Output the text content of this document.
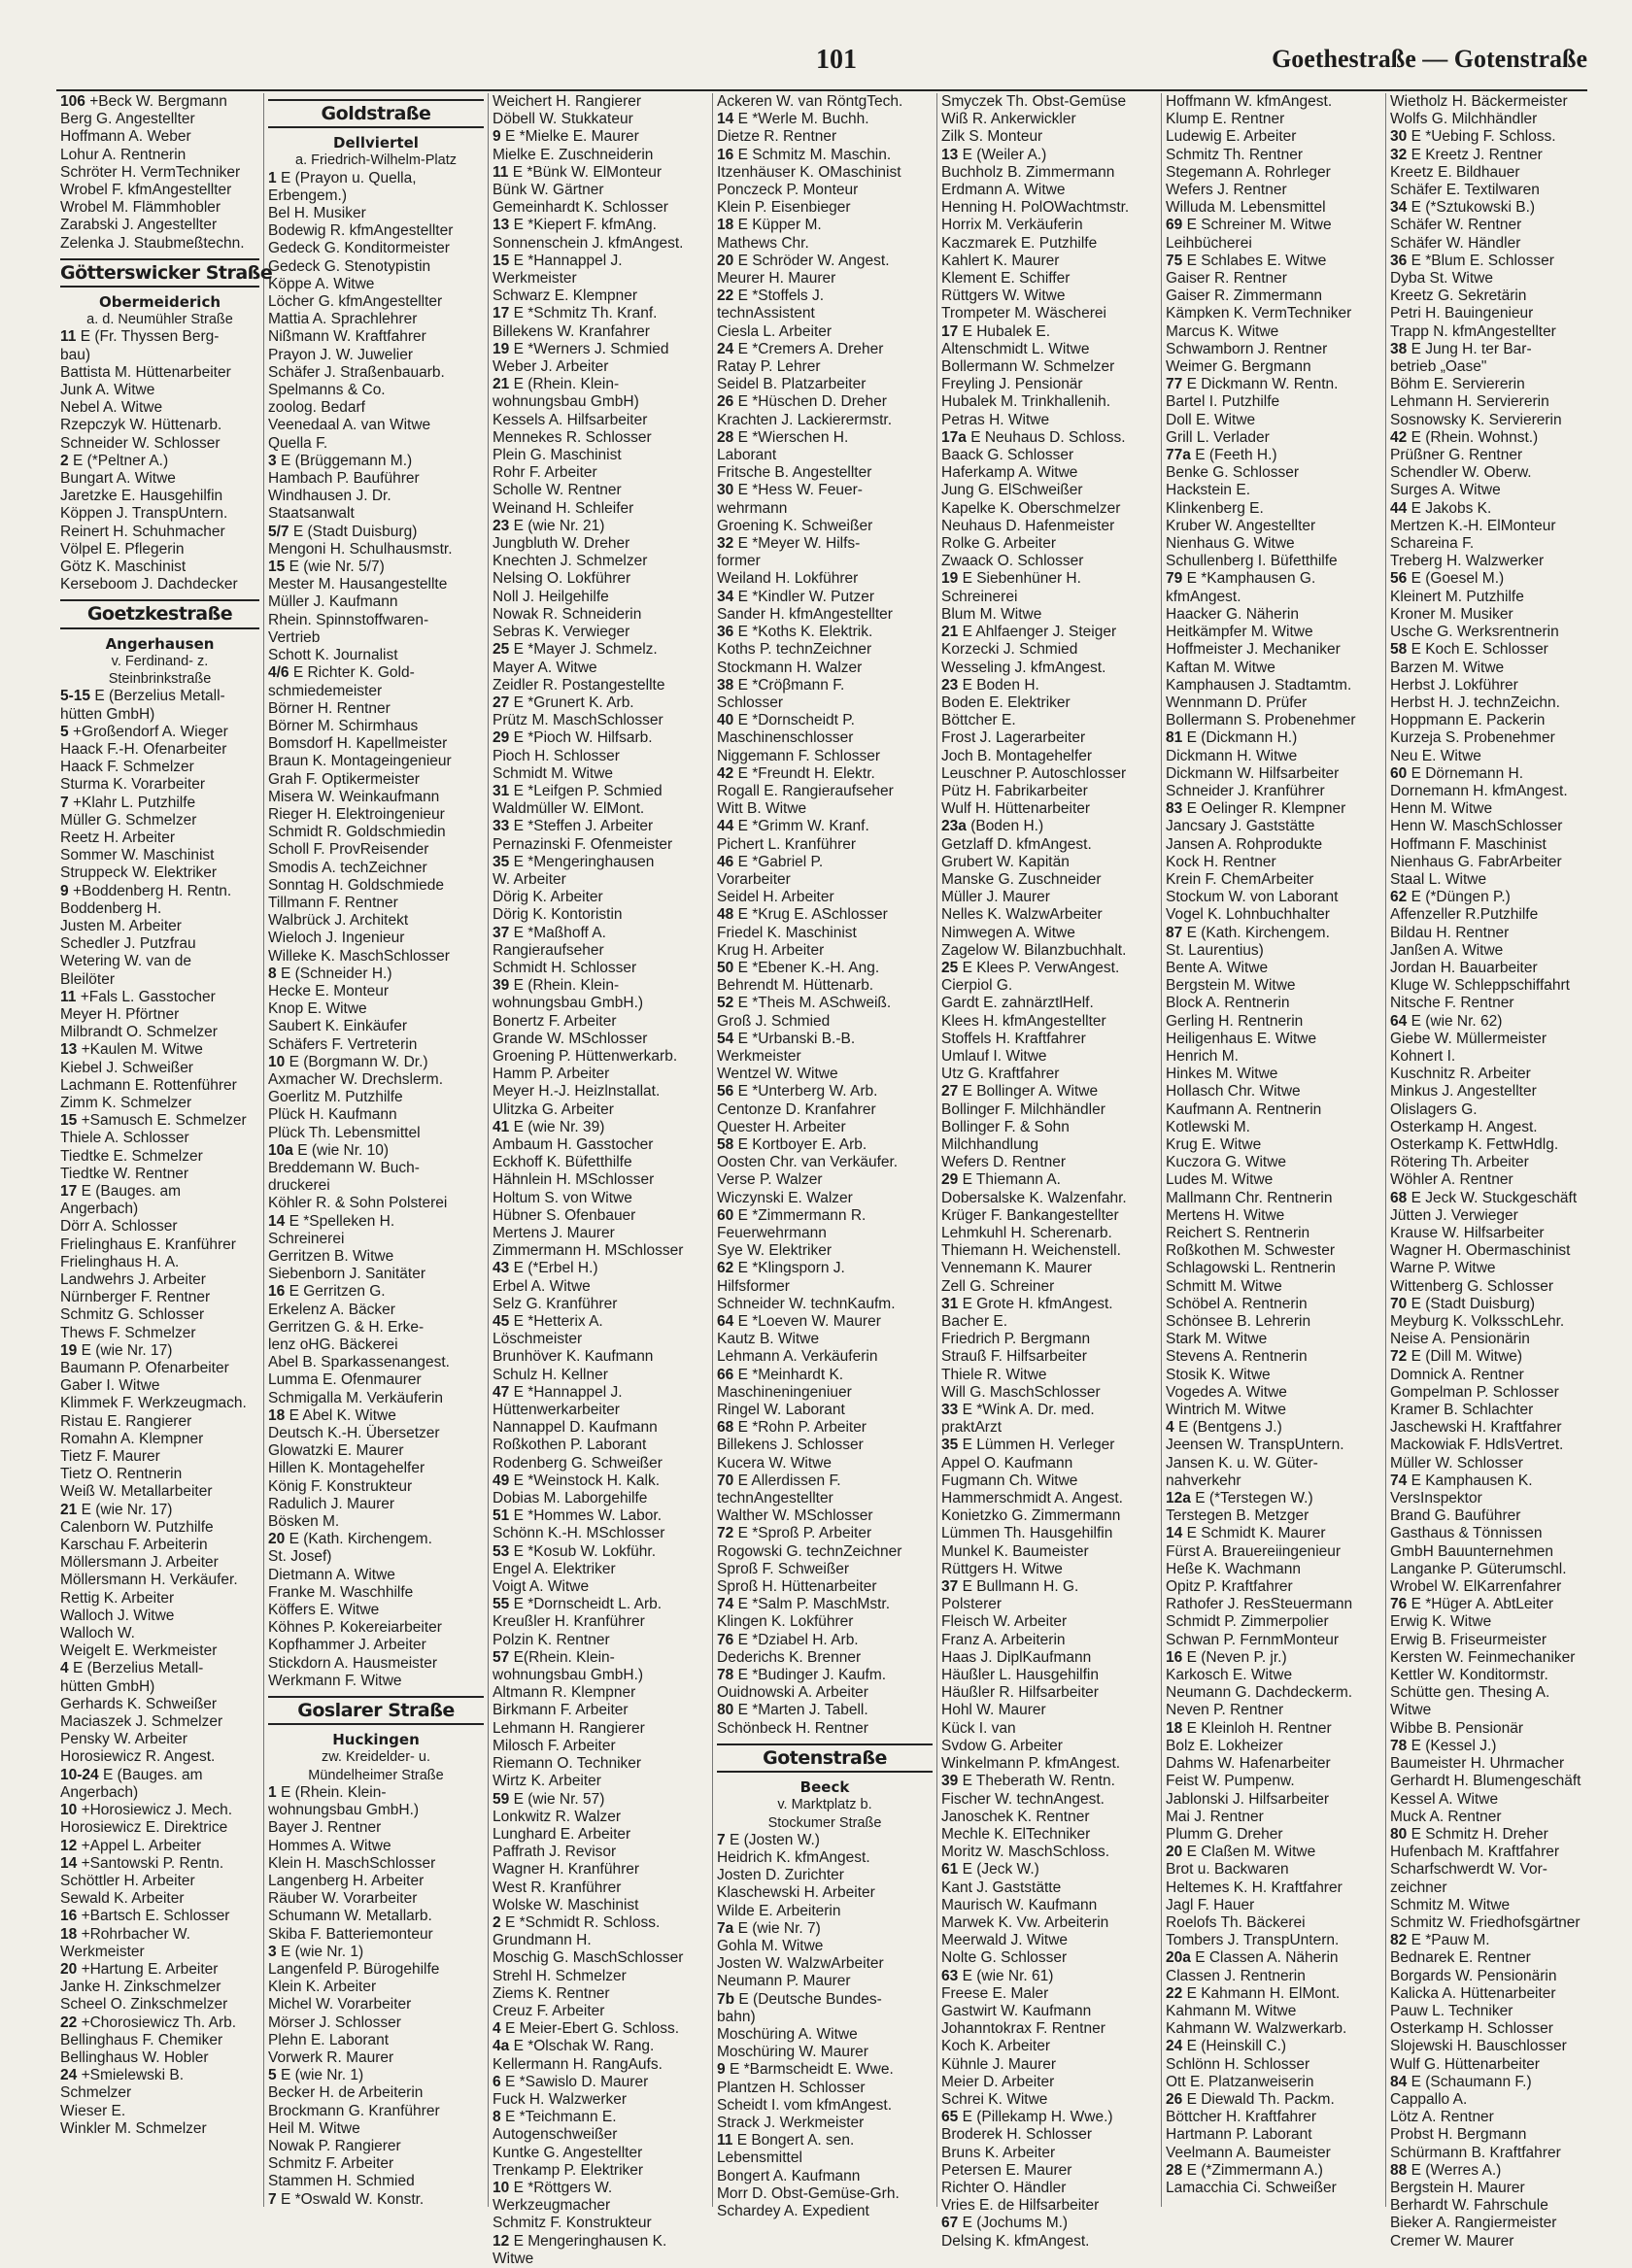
101	Goethestraße — Gotenstraße
106 +Beck W. Bergmann
Berg G. Angestellter
Hoffmann A. Weber
Lohur A. Rentnerin
Schröter H. VermTechniker
Wrobel F. kfmAngestellter
Wrobel M. Flämmhobler
Zarabski J. Angestellter
Zelenka J. Staubmeßtechn.
Götterswicker Straße
Obermeiderich
a. d. Neumühler Straße
11 E (Fr. Thyssen Berg-
bau)
Battista M. Hüttenarbeiter
Junk A. Witwe
Nebel A. Witwe
Rzepczyk W. Hüttenarb.
Schneider W. Schlosser
2 E (*Peltner A.)
Bungart A. Witwe
Jaretzke E. Hausgehilfin
Köppen J. TranspUntern.
Reinert H. Schuhmacher
Völpel E. Pflegerin
Götz K. Maschinist
Kerseboom J. Dachdecker
Goetzkestraße
Angerhausen
v. Ferdinand- z.
Steinbrinkstraße
5-15 E (Berzelius Metall-
hütten GmbH)
5 +Großendorf A. Wieger
Haack F.-H. Ofenarbeiter
Haack F. Schmelzer
Sturma K. Vorarbeiter
7 +Klahr L. Putzhilfe
Müller G. Schmelzer
Reetz H. Arbeiter
Sommer W. Maschinist
Struppeck W. Elektriker
9 +Boddenberg H. Rentn.
Boddenberg H.
Justen M. Arbeiter
Schedler J. Putzfrau
Wetering W. van de
Bleilöter
11 +Fals L. Gasstocher
Meyer H. Pförtner
Milbrandt O. Schmelzer
13 +Kaulen M. Witwe
Kiebel J. Schweißer
Lachmann E. Rottenführer
Zimm K. Schmelzer
15 +Samusch E. Schmelzer
Thiele A. Schlosser
Tiedtke E. Schmelzer
Tiedtke W. Rentner
17 E (Bauges. am
Angerbach)
Dörr A. Schlosser
Frielinghaus E. Kranführer
Frielinghaus H. A.
Landwehrs J. Arbeiter
Nürnberger F. Rentner
Schmitz G. Schlosser
Thews F. Schmelzer
19 E (wie Nr. 17)
Baumann P. Ofenarbeiter
Gaber I. Witwe
Klimmek F. Werkzeugmach.
Ristau E. Rangierer
Romahn A. Klempner
Tietz F. Maurer
Tietz O. Rentnerin
Weiß W. Metallarbeiter
21 E (wie Nr. 17)
Calenborn W. Putzhilfe
Karschau F. Arbeiterin
Möllersmann J. Arbeiter
Möllersmann H. Verkäufer.
Rettig K. Arbeiter
Walloch J. Witwe
Walloch W.
Weigelt E. Werkmeister
4 E (Berzelius Metall-
hütten GmbH)
Gerhards K. Schweißer
Maciaszek J. Schmelzer
Pensky W. Arbeiter
Horosiewicz R. Angest.
10-24 E (Bauges. am
Angerbach)
10 +Horosiewicz J. Mech.
Horosiewicz E. Direktrice
12 +Appel L. Arbeiter
14 +Santowski P. Rentn.
Schöttler H. Arbeiter
Sewald K. Arbeiter
16 +Bartsch E. Schlosser
18 +Rohrbacher W.
Werkmeister
20 +Hartung E. Arbeiter
Janke H. Zinkschmelzer
Scheel O. Zinkschmelzer
22 +Chorosiewicz Th. Arb.
Bellinghaus F. Chemiker
Bellinghaus W. Hobler
24 +Smielewski B.
Schmelzer
Wieser E.
Winkler M. Schmelzer
Goldstraße
Dellviertel
a. Friedrich-Wilhelm-Platz
1 E (Prayon u. Quella,
Erbengem.)
Bel H. Musiker
Bodewig R. kfmAngestellter
Gedeck G. Konditormeister
Gedeck G. Stenotypistin
Köppe A. Witwe
Löcher G. kfmAngestellter
Mattia A. Sprachlehrer
Nißmann W. Kraftfahrer
Prayon J. W. Juwelier
Schäfer J. Straßenbauarb.
Spelmanns & Co.
zoolog. Bedarf
Veenedaal A. van Witwe
Quella F.
3 E (Brüggemann M.)
Hambach P. Bauführer
Windhausen J. Dr.
Staatsanwalt
5/7 E (Stadt Duisburg)
Mengoni H. Schulhausmstr.
15 E (wie Nr. 5/7)
Mester M. Hausangestellte
Müller J. Kaufmann
Rhein. Spinnstoffwaren-
Vertrieb
Schott K. Journalist
4/6 E Richter K. Gold-
schmiedemeister
Börner H. Rentner
Börner M. Schirmhaus
Bomsdorf H. Kapellmeister
Braun K. Montageingenieur
Grah F. Optikermeister
Misera W. Weinkaufmann
Rieger H. Elektroingenieur
Schmidt R. Goldschmiedin
Scholl F. ProvReisender
Smodis A. techZeichner
Sonntag H. Goldschmiede
Tillmann F. Rentner
Walbrück J. Architekt
Wieloch J. Ingenieur
Willeke K. MaschSchlosser
8 E (Schneider H.)
Hecke E. Monteur
Knop E. Witwe
Saubert K. Einkäufer
Schäfers F. Vertreterin
10 E (Borgmann W. Dr.)
Axmacher W. Drechslerm.
Goerlitz M. Putzhilfe
Plück H. Kaufmann
Plück Th. Lebensmittel
10a E (wie Nr. 10)
Breddemann W. Buch-
druckerei
Köhler R. & Sohn Polsterei
14 E *Spelleken H.
Schreinerei
Gerritzen B. Witwe
Siebenborn J. Sanitäter
16 E Gerritzen G.
Erkelenz A. Bäcker
Gerritzen G. & H. Erke-
lenz oHG. Bäckerei
Abel B. Sparkassenangest.
Lumma E. Ofenmaurer
Schmigalla M. Verkäuferin
18 E Abel K. Witwe
Deutsch K.-H. Übersetzer
Glowatzki E. Maurer
Hillen K. Montagehelfer
König F. Konstrukteur
Radulich J. Maurer
Bösken M.
20 E (Kath. Kirchengem.
St. Josef)
Dietmann A. Witwe
Franke M. Waschhilfe
Köffers E. Witwe
Köhnes P. Kokereiarbeiter
Kopfhammer J. Arbeiter
Stickdorn A. Hausmeister
Werkmann F. Witwe
Goslarer Straße
Huckingen
zw. Kreidelder- u.
Mündelheimer Straße
1 E (Rhein. Klein-
wohnungsbau GmbH.)
Bayer J. Rentner
Hommes A. Witwe
Klein H. MaschSchlosser
Langenberg H. Arbeiter
Räuber W. Vorarbeiter
Schumann W. Metallarb.
Skiba F. Batteriemonteur
3 E (wie Nr. 1)
Langenfeld P. Bürogehilfe
Klein K. Arbeiter
Michel W. Vorarbeiter
Mörser J. Schlosser
Plehn E. Laborant
Vorwerk R. Maurer
5 E (wie Nr. 1)
Becker H. de Arbeiterin
Brockmann G. Kranführer
Heil M. Witwe
Nowak P. Rangierer
Schmitz F. Arbeiter
Stammen H. Schmied
7 E *Oswald W. Konstr.
Weichert H. Rangierer
Döbell W. Stukkateur
9 E *Mielke E. Maurer
Mielke E. Zuschneiderin
11 E *Bünk W. ElMonteur
Bünk W. Gärtner
Gemeinhardt K. Schlosser
13 E *Kiepert F. kfmAng.
Sonnenschein J. kfmAngest.
15 E *Hannappel J.
Werkmeister
Schwarz E. Klempner
17 E *Schmitz Th. Kranf.
Billekens W. Kranfahrer
19 E *Werners J. Schmied
Weber J. Arbeiter
21 E (Rhein. Klein-
wohnungsbau GmbH)
Kessels A. Hilfsarbeiter
Mennekes R. Schlosser
Plein G. Maschinist
Rohr F. Arbeiter
Scholle W. Rentner
Weinand H. Schleifer
23 E (wie Nr. 21)
Jungbluth W. Dreher
Knechten J. Schmelzer
Nelsing O. Lokführer
Noll J. Heilgehilfe
Nowak R. Schneiderin
Sebras K. Verwieger
25 E *Mayer J. Schmelz.
Mayer A. Witwe
Zeidler R. Postangestellte
27 E *Grunert K. Arb.
Prütz M. MaschSchlosser
29 E *Pioch W. Hilfsarb.
Pioch H. Schlosser
Schmidt M. Witwe
31 E *Leifgen P. Schmied
Waldmüller W. ElMont.
33 E *Steffen J. Arbeiter
Pernazinski F. Ofenmeister
35 E *Mengeringhausen
W. Arbeiter
Dörig K. Arbeiter
Dörig K. Kontoristin
37 E *Maßhoff A.
Rangieraufseher
Schmidt H. Schlosser
39 E (Rhein. Klein-
wohnungsbau GmbH.)
Bonertz F. Arbeiter
Grande W. MSchlosser
Groening P. Hüttenwerkarb.
Hamm P. Arbeiter
Meyer H.-J. Heizlnstallat.
Ulitzka G. Arbeiter
41 E (wie Nr. 39)
Ambaum H. Gasstocher
Eckhoff K. Büfetthilfe
Hähnlein H. MSchlosser
Holtum S. von Witwe
Hübner S. Ofenbauer
Mertens J. Maurer
Zimmermann H. MSchlosser
43 E (*Erbel H.)
Erbel A. Witwe
Selz G. Kranführer
45 E *Hetterix A.
Löschmeister
Brunhöver K. Kaufmann
Schulz H. Kellner
47 E *Hannappel J.
Hüttenwerkarbeiter
Nannappel D. Kaufmann
Roßkothen P. Laborant
Rodenberg G. Schweißer
49 E *Weinstock H. Kalk.
Dobias M. Laborgehilfe
51 E *Hommes W. Labor.
Schönn K.-H. MSchlosser
53 E *Kosub W. Lokführ.
Engel A. Elektriker
Voigt A. Witwe
55 E *Dornscheidt L. Arb.
Kreußler H. Kranführer
Polzin K. Rentner
57 E(Rhein. Klein-
wohnungsbau GmbH.)
Altmann R. Klempner
Birkmann F. Arbeiter
Lehmann H. Rangierer
Milosch F. Arbeiter
Riemann O. Techniker
Wirtz K. Arbeiter
59 E (wie Nr. 57)
Lonkwitz R. Walzer
Lunghard E. Arbeiter
Paffrath J. Revisor
Wagner H. Kranführer
West R. Kranführer
Wolske W. Maschinist
2 E *Schmidt R. Schloss.
Grundmann H.
Moschig G. MaschSchlosser
Strehl H. Schmelzer
Ziems K. Rentner
Creuz F. Arbeiter
4 E Meier-Ebert G. Schloss.
4a E *Olschak W. Rang.
Kellermann H. RangAufs.
6 E *Sawislo D. Maurer
Fuck H. Walzwerker
8 E *Teichmann E.
Autogenschweißer
Kuntke G. Angestellter
Trenkamp P. Elektriker
10 E *Röttgers W.
Werkzeugmacher
Schmitz F. Konstrukteur
12 E Mengeringhausen K.
Witwe
Ackeren W. van RöntgTech.
14 E *Werle M. Buchh.
Dietze R. Rentner
16 E Schmitz M. Maschin.
Itzenhäuser K. OMaschinist
Ponczeck P. Monteur
Klein P. Eisenbieger
18 E Küpper M.
Mathews Chr.
20 E Schröder W. Angest.
Meurer H. Maurer
22 E *Stoffels J.
technAssistent
Ciesla L. Arbeiter
24 E *Cremers A. Dreher
Ratay P. Lehrer
Seidel B. Platzarbeiter
26 E *Hüschen D. Dreher
Krachten J. Lackierermstr.
28 E *Wierschen H.
Laborant
Fritsche B. Angestellter
30 E *Hess W. Feuer-
wehrmann
Groening K. Schweißer
32 E *Meyer W. Hilfs-
former
Weiland H. Lokführer
34 E *Kindler W. Putzer
Sander H. kfmAngestellter
36 E *Koths K. Elektrik.
Koths P. technZeichner
Stockmann H. Walzer
38 E *Cröβmann F.
Schlosser
40 E *Dornscheidt P.
Maschinenschlosser
Niggemann F. Schlosser
42 E *Freundt H. Elektr.
Rogall E. Rangieraufseher
Witt B. Witwe
44 E *Grimm W. Kranf.
Pichert L. Kranführer
46 E *Gabriel P.
Vorarbeiter
Seidel H. Arbeiter
48 E *Krug E. ASchlosser
Friedel K. Maschinist
Krug H. Arbeiter
50 E *Ebener K.-H. Ang.
Behrendt M. Hüttenarb.
52 E *Theis M. ASchweiß.
Groß J. Schmied
54 E *Urbanski B.-B.
Werkmeister
Wentzel W. Witwe
56 E *Unterberg W. Arb.
Centonze D. Kranfahrer
Quester H. Arbeiter
58 E Kortboyer E. Arb.
Oosten Chr. van Verkäufer.
Verse P. Walzer
Wiczynski E. Walzer
60 E *Zimmermann R.
Feuerwehrmann
Sye W. Elektriker
62 E *Klingsporn J.
Hilfsformer
Schneider W. technKaufm.
64 E *Loeven W. Maurer
Kautz B. Witwe
Lehmann A. Verkäuferin
66 E *Meinhardt K.
Maschineningeniuer
Ringel W. Laborant
68 E *Rohn P. Arbeiter
Billekens J. Schlosser
Kucera W. Witwe
70 E Allerdissen F.
technAngestellter
Walther W. MSchlosser
72 E *Sproß P. Arbeiter
Rogowski G. technZeichner
Sproß F. Schweißer
Sproß H. Hüttenarbeiter
74 E *Salm P. MaschMstr.
Klingen K. Lokführer
76 E *Dziabel H. Arb.
Dederichs K. Brenner
78 E *Budinger J. Kaufm.
Ouidnowski A. Arbeiter
80 E *Marten J. Tabell.
Schönbeck H. Rentner
Gotenstraße
Beeck
v. Marktplatz b.
Stockumer Straße
7 E (Josten W.)
Heidrich K. kfmAngest.
Josten D. Zurichter
Klaschewski H. Arbeiter
Wilde E. Arbeiterin
7a E (wie Nr. 7)
Gohla M. Witwe
Josten W. WalzwArbeiter
Neumann P. Maurer
7b E (Deutsche Bundes-
bahn)
Moschüring A. Witwe
Moschüring W. Maurer
9 E *Barmscheidt E. Wwe.
Plantzen H. Schlosser
Scheidt I. vom kfmAngest.
Strack J. Werkmeister
11 E Bongert A. sen.
Lebensmittel
Bongert A. Kaufmann
Morr D. Obst-Gemüse-Grh.
Schardey A. Expedient
Smyczek Th. Obst-Gemüse
Wiß R. Ankerwickler
Zilk S. Monteur
13 E (Weiler A.)
Buchholz B. Zimmermann
Erdmann A. Witwe
Henning H. PolOWachtmstr.
Horrix M. Verkäuferin
Kaczmarek E. Putzhilfe
Kahlert K. Maurer
Klement E. Schiffer
Rüttgers W. Witwe
Trompeter M. Wäscherei
17 E Hubalek E.
Altenschmidt L. Witwe
Bollermann W. Schmelzer
Freyling J. Pensionär
Hubalek M. Trinkhallenih.
Petras H. Witwe
17a E Neuhaus D. Schloss.
Baack G. Schlosser
Haferkamp A. Witwe
Jung G. ElSchweißer
Kapelke K. Oberschmelzer
Neuhaus D. Hafenmeister
Rolke G. Arbeiter
Zwaack O. Schlosser
19 E Siebenhüner H.
Schreinerei
Blum M. Witwe
21 E Ahlfaenger J. Steiger
Korzecki J. Schmied
Wesseling J. kfmAngest.
23 E Boden H.
Boden E. Elektriker
Böttcher E.
Frost J. Lagerarbeiter
Joch B. Montagehelfer
Leuschner P. Autoschlosser
Pütz H. Fabrikarbeiter
Wulf H. Hüttenarbeiter
23a (Boden H.)
Getzlaff D. kfmAngest.
Grubert W. Kapitän
Manske G. Zuschneider
Müller J. Maurer
Nelles K. WalzwArbeiter
Nimwegen A. Witwe
Zagelow W. Bilanzbuchhalt.
25 E Klees P. VerwAngest.
Cierpiol G.
Gardt E. zahnärztlHelf.
Klees H. kfmAngestellter
Stoffels H. Kraftfahrer
Umlauf I. Witwe
Utz G. Kraftfahrer
27 E Bollinger A. Witwe
Bollinger F. Milchhändler
Bollinger F. & Sohn
Milchhandlung
Wefers D. Rentner
29 E Thiemann A.
Dobersalske K. Walzenfahr.
Krüger F. Bankangestellter
Lehmkuhl H. Scherenarb.
Thiemann H. Weichenstell.
Vennemann K. Maurer
Zell G. Schreiner
31 E Grote H. kfmAngest.
Bacher E.
Friedrich P. Bergmann
Strauß F. Hilfsarbeiter
Thiele R. Witwe
Will G. MaschSchlosser
33 E *Wink A. Dr. med.
praktArzt
35 E Lümmen H. Verleger
Appel O. Kaufmann
Fugmann Ch. Witwe
Hammerschmidt A. Angest.
Konietzko G. Zimmermann
Lümmen Th. Hausgehilfin
Munkel K. Baumeister
Rüttgers H. Witwe
37 E Bullmann H. G.
Polsterer
Fleisch W. Arbeiter
Franz A. Arbeiterin
Haas J. DiplKaufmann
Häußler L. Hausgehilfin
Häußler R. Hilfsarbeiter
Hohl W. Maurer
Kück I. van
Svdow G. Arbeiter
Winkelmann P. kfmAngest.
39 E Theberath W. Rentn.
Fischer W. technAngest.
Janoschek K. Rentner
Mechle K. ElTechniker
Moritz W. MaschSchloss.
61 E (Jeck W.)
Kant J. Gaststätte
Maurisch W. Kaufmann
Marwek K. Vw. Arbeiterin
Meerwald J. Witwe
Nolte G. Schlosser
63 E (wie Nr. 61)
Freese E. Maler
Gastwirt W. Kaufmann
Johanntokrax F. Rentner
Koch K. Arbeiter
Kühnle J. Maurer
Meier D. Arbeiter
Schrei K. Witwe
65 E (Pillekamp H. Wwe.)
Broderek H. Schlosser
Bruns K. Arbeiter
Petersen E. Maurer
Richter O. Händler
Vries E. de Hilfsarbeiter
67 E (Jochums M.)
Delsing K. kfmAngest.
Hoffmann W. kfmAngest.
Klump E. Rentner
Ludewig E. Arbeiter
Schmitz Th. Rentner
Stegemann A. Rohrleger
Wefers J. Rentner
Willuda M. Lebensmittel
69 E Schreiner M. Witwe
Leihbücherei
75 E Schlabes E. Witwe
Gaiser R. Rentner
Gaiser R. Zimmermann
Kämpken K. VermTechniker
Marcus K. Witwe
Schwamborn J. Rentner
Weimer G. Bergmann
77 E Dickmann W. Rentn.
Bartel I. Putzhilfe
Doll E. Witwe
Grill L. Verlader
77a E (Feeth H.)
Benke G. Schlosser
Hackstein E.
Klinkenberg E.
Kruber W. Angestellter
Nienhaus G. Witwe
Schullenberg I. Büfetthilfe
79 E *Kamphausen G.
kfmAngest.
Haacker G. Näherin
Heitkämpfer M. Witwe
Hoffmeister J. Mechaniker
Kaftan M. Witwe
Kamphausen J. Stadtamtm.
Wennmann D. Prüfer
Bollermann S. Probenehmer
81 E (Dickmann H.)
Dickmann H. Witwe
Dickmann W. Hilfsarbeiter
Schneider J. Kranführer
83 E Oelinger R. Klempner
Jancsary J. Gaststätte
Jansen A. Rohprodukte
Kock H. Rentner
Krein F. ChemArbeiter
Stockum W. von Laborant
Vogel K. Lohnbuchhalter
87 E (Kath. Kirchengem.
St. Laurentius)
Bente A. Witwe
Bergstein M. Witwe
Block A. Rentnerin
Gerling H. Rentnerin
Heiligenhaus E. Witwe
Henrich M.
Hinkes M. Witwe
Hollasch Chr. Witwe
Kaufmann A. Rentnerin
Kotlewski M.
Krug E. Witwe
Kuczora G. Witwe
Ludes M. Witwe
Mallmann Chr. Rentnerin
Mertens H. Witwe
Reichert S. Rentnerin
Roßkothen M. Schwester
Schlagowski L. Rentnerin
Schmitt M. Witwe
Schöbel A. Rentnerin
Schönsee B. Lehrerin
Stark M. Witwe
Stevens A. Rentnerin
Stosik K. Witwe
Vogedes A. Witwe
Wintrich M. Witwe
4 E (Bentgens J.)
Jeensen W. TranspUntern.
Jansen K. u. W. Güter-
nahverkehr
12a E (*Terstegen W.)
Terstegen B. Metzger
14 E Schmidt K. Maurer
Fürst A. Brauereiingenieur
Heße K. Wachmann
Opitz P. Kraftfahrer
Rathofer J. ResSteuermann
Schmidt P. Zimmerpolier
Schwan P. FernmMonteur
16 E (Neven P. jr.)
Karkosch E. Witwe
Neumann G. Dachdeckerm.
Neven P. Rentner
18 E Kleinloh H. Rentner
Bolz E. Lokheizer
Dahms W. Hafenarbeiter
Feist W. Pumpenw.
Jablonski J. Hilfsarbeiter
Mai J. Rentner
Plumm G. Dreher
20 E Claßen M. Witwe
Brot u. Backwaren
Heltemes K. H. Kraftfahrer
Jagl F. Hauer
Roelofs Th. Bäckerei
Tombers J. TranspUntern.
20a E Classen A. Näherin
Classen J. Rentnerin
22 E Kahmann H. ElMont.
Kahmann M. Witwe
Kahmann W. Walzwerkarb.
24 E (Heinskill C.)
Schlönn H. Schlosser
Ott E. Platzanweiserin
26 E Diewald Th. Packm.
Böttcher H. Kraftfahrer
Hartmann P. Laborant
Veelmann A. Baumeister
28 E (*Zimmermann A.)
Lamacchia Ci. Schweißer
Wietholz H. Bäckermeister
Wolfs G. Milchhändler
30 E *Uebing F. Schloss.
32 E Kreetz J. Rentner
Kreetz E. Bildhauer
Schäfer E. Textilwaren
34 E (*Sztukowski B.)
Schäfer W. Rentner
Schäfer W. Händler
36 E *Blum E. Schlosser
Dyba St. Witwe
Kreetz G. Sekretärin
Petri H. Bauingenieur
Trapp N. kfmAngestellter
38 E Jung H. ter Bar-
betrieb „Oase"
Böhm E. Serviererin
Lehmann H. Serviererin
Sosnowsky K. Serviererin
42 E (Rhein. Wohnst.)
Prüßner G. Rentner
Schendler W. Oberw.
Surges A. Witwe
44 E Jakobs K.
Mertzen K.-H. ElMonteur
Schareina F.
Treberg H. Walzwerker
56 E (Goesel M.)
Kleinert M. Putzhilfe
Kroner M. Musiker
Usche G. Werksrentnerin
58 E Koch E. Schlosser
Barzen M. Witwe
Herbst J. Lokführer
Herbst H. J. technZeichn.
Hoppmann E. Packerin
Kurzeja S. Probenehmer
Neu E. Witwe
60 E Dörnemann H.
Dornemann H. kfmAngest.
Henn M. Witwe
Henn W. MaschSchlosser
Hoffmann F. Maschinist
Nienhaus G. FabrArbeiter
Staal L. Witwe
62 E (*Düngen P.)
Affenzeller R.Putzhilfe
Bildau H. Rentner
Janßen A. Witwe
Jordan H. Bauarbeiter
Kluge W. Schleppschiffahrt
Nitsche F. Rentner
64 E (wie Nr. 62)
Giebe W. Müllermeister
Kohnert I.
Kuschnitz R. Arbeiter
Minkus J. Angestellter
Olislagers G.
Osterkamp H. Angest.
Osterkamp K. FettwHdlg.
Rötering Th. Arbeiter
Wöhler A. Rentner
68 E Jeck W. Stuckgeschäft
Jütten J. Verwieger
Krause W. Hilfsarbeiter
Wagner H. Obermaschinist
Warne P. Witwe
Wittenberg G. Schlosser
70 E (Stadt Duisburg)
Meyburg K. VolksschLehr.
Neise A. Pensionärin
72 E (Dill M. Witwe)
Domnick A. Rentner
Gompelman P. Schlosser
Kramer B. Schlachter
Jaschewski H. Kraftfahrer
Mackowiak F. HdlsVertret.
Müller W. Schlosser
74 E Kamphausen K.
VersInspektor
Brand G. Bauführer
Gasthaus & Tönnissen
GmbH Bauunternehmen
Langanke P. Güterumschl.
Wrobel W. ElKarrenfahrer
76 E *Hüger A. AbtLeiter
Erwig K. Witwe
Erwig B. Friseurmeister
Kersten W. Feinmechaniker
Kettler W. Konditormstr.
Schütte gen. Thesing A.
Witwe
Wibbe B. Pensionär
78 E (Kessel J.)
Baumeister H. Uhrmacher
Gerhardt H. Blumengeschäft
Kessel A. Witwe
Muck A. Rentner
80 E Schmitz H. Dreher
Hufenbach M. Kraftfahrer
Scharfschwerdt W. Vor-
zeichner
Schmitz M. Witwe
Schmitz W. Friedhofsgärtner
82 E *Pauw M.
Bednarek E. Rentner
Borgards W. Pensionärin
Kalicka A. Hüttenarbeiter
Pauw L. Techniker
Osterkamp H. Schlosser
Slojewski H. Bauschlosser
Wulf G. Hüttenarbeiter
84 E (Schaumann F.)
Cappallo A.
Lötz A. Rentner
Probst H. Bergmann
Schürmann B. Kraftfahrer
88 E (Werres A.)
Bergstein H. Maurer
Berhardt W. Fahrschule
Bieker A. Rangiermeister
Cremer W. Maurer
